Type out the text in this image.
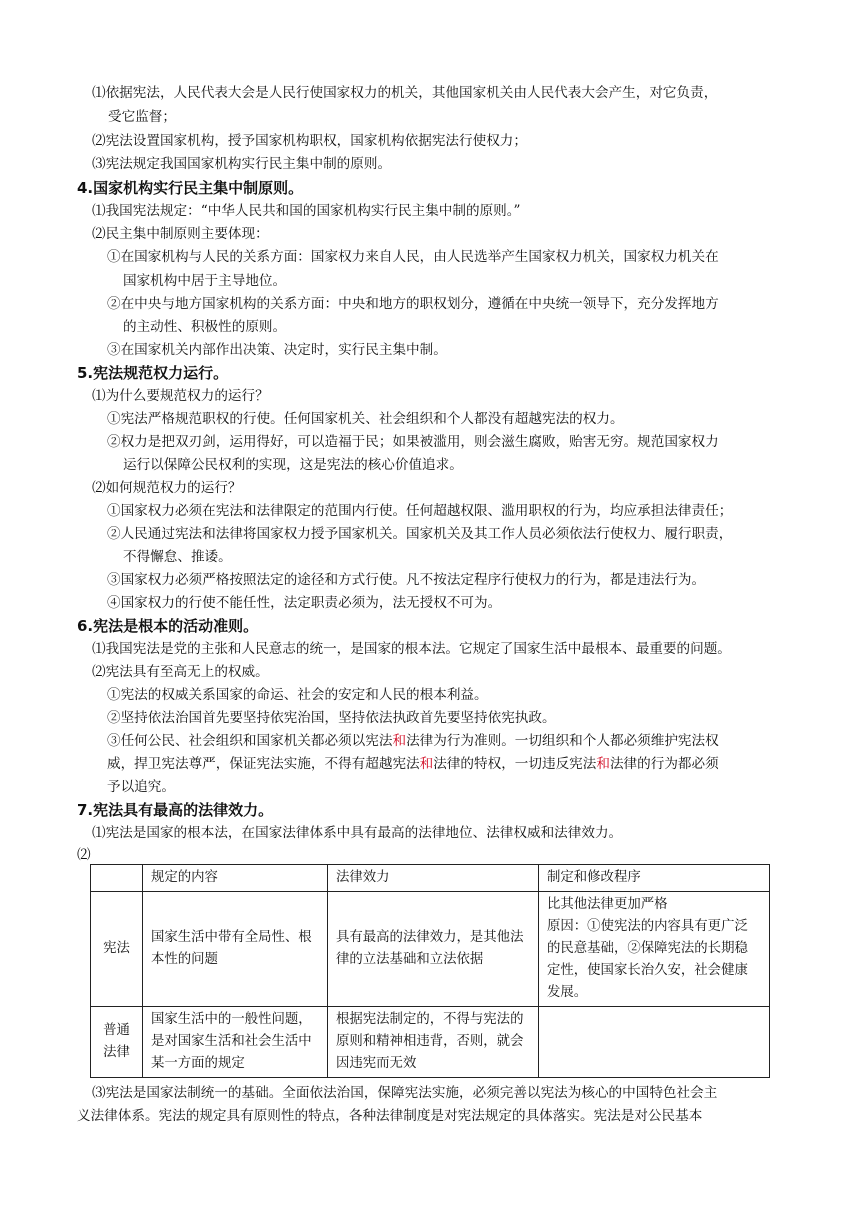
⑴依据宪法，人民代表大会是人民行使国家权力的机关，其他国家机关由人民代表大会产生，对它负责，
受它监督；
⑵宪法设置国家机构，授予国家机构职权，国家机构依据宪法行使权力；
⑶宪法规定我国国家机构实行民主集中制的原则。
4.国家机构实行民主集中制原则。
⑴我国宪法规定：“中华人民共和国的国家机构实行民主集中制的原则。”
⑵民主集中制原则主要体现：
①在国家机构与人民的关系方面：国家权力来自人民，由人民选举产生国家权力机关，国家权力机关在
国家机构中居于主导地位。
②在中央与地方国家机构的关系方面：中央和地方的职权划分，遵循在中央统一领导下，充分发挥地方
的主动性、积极性的原则。
③在国家机关内部作出决策、决定时，实行民主集中制。
5.宪法规范权力运行。
⑴为什么要规范权力的运行？
①宪法严格规范职权的行使。任何国家机关、社会组织和个人都没有超越宪法的权力。
②权力是把双刃剑，运用得好，可以造福于民；如果被滥用，则会滋生腐败，贻害无穷。规范国家权力
运行以保障公民权利的实现，这是宪法的核心价值追求。
⑵如何规范权力的运行？
①国家权力必须在宪法和法律限定的范围内行使。任何超越权限、滥用职权的行为，均应承担法律责任；
②人民通过宪法和法律将国家权力授予国家机关。国家机关及其工作人员必须依法行使权力、履行职责，
不得懈怠、推诿。
③国家权力必须严格按照法定的途径和方式行使。凡不按法定程序行使权力的行为，都是违法行为。
④国家权力的行使不能任性，法定职责必须为，法无授权不可为。
6.宪法是根本的活动准则。
⑴我国宪法是党的主张和人民意志的统一，是国家的根本法。它规定了国家生活中最根本、最重要的问题。
⑵宪法具有至高无上的权威。
①宪法的权威关系国家的命运、社会的安定和人民的根本利益。
②坚持依法治国首先要坚持依宪治国，坚持依法执政首先要坚持依宪执政。
③任何公民、社会组织和国家机关都必须以宪法和法律为行为准则。一切组织和个人都必须维护宪法权
威，捍卫宪法尊严，保证宪法实施，不得有超越宪法和法律的特权，一切违反宪法和法律的行为都必须
予以追究。
7.宪法具有最高的法律效力。
⑴宪法是国家的根本法，在国家法律体系中具有最高的法律地位、法律权威和法律效力。
⑵
	规定的内容	法律效力	制定和修改程序
宪法	国家生活中带有全局性、根本性的问题	具有最高的法律效力，是其他法律的立法基础和立法依据	比其他法律更加严格
原因：①使宪法的内容具有更广泛的民意基础，②保障宪法的长期稳定性，使国家长治久安，社会健康发展。
普通法律	国家生活中的一般性问题，是对国家生活和社会生活中某一方面的规定	根据宪法制定的，不得与宪法的原则和精神相违背，否则，就会因违宪而无效	
⑶宪法是国家法制统一的基础。全面依法治国，保障宪法实施，必须完善以宪法为核心的中国特色社会主
义法律体系。宪法的规定具有原则性的特点，各种法律制度是对宪法规定的具体落实。宪法是对公民基本
